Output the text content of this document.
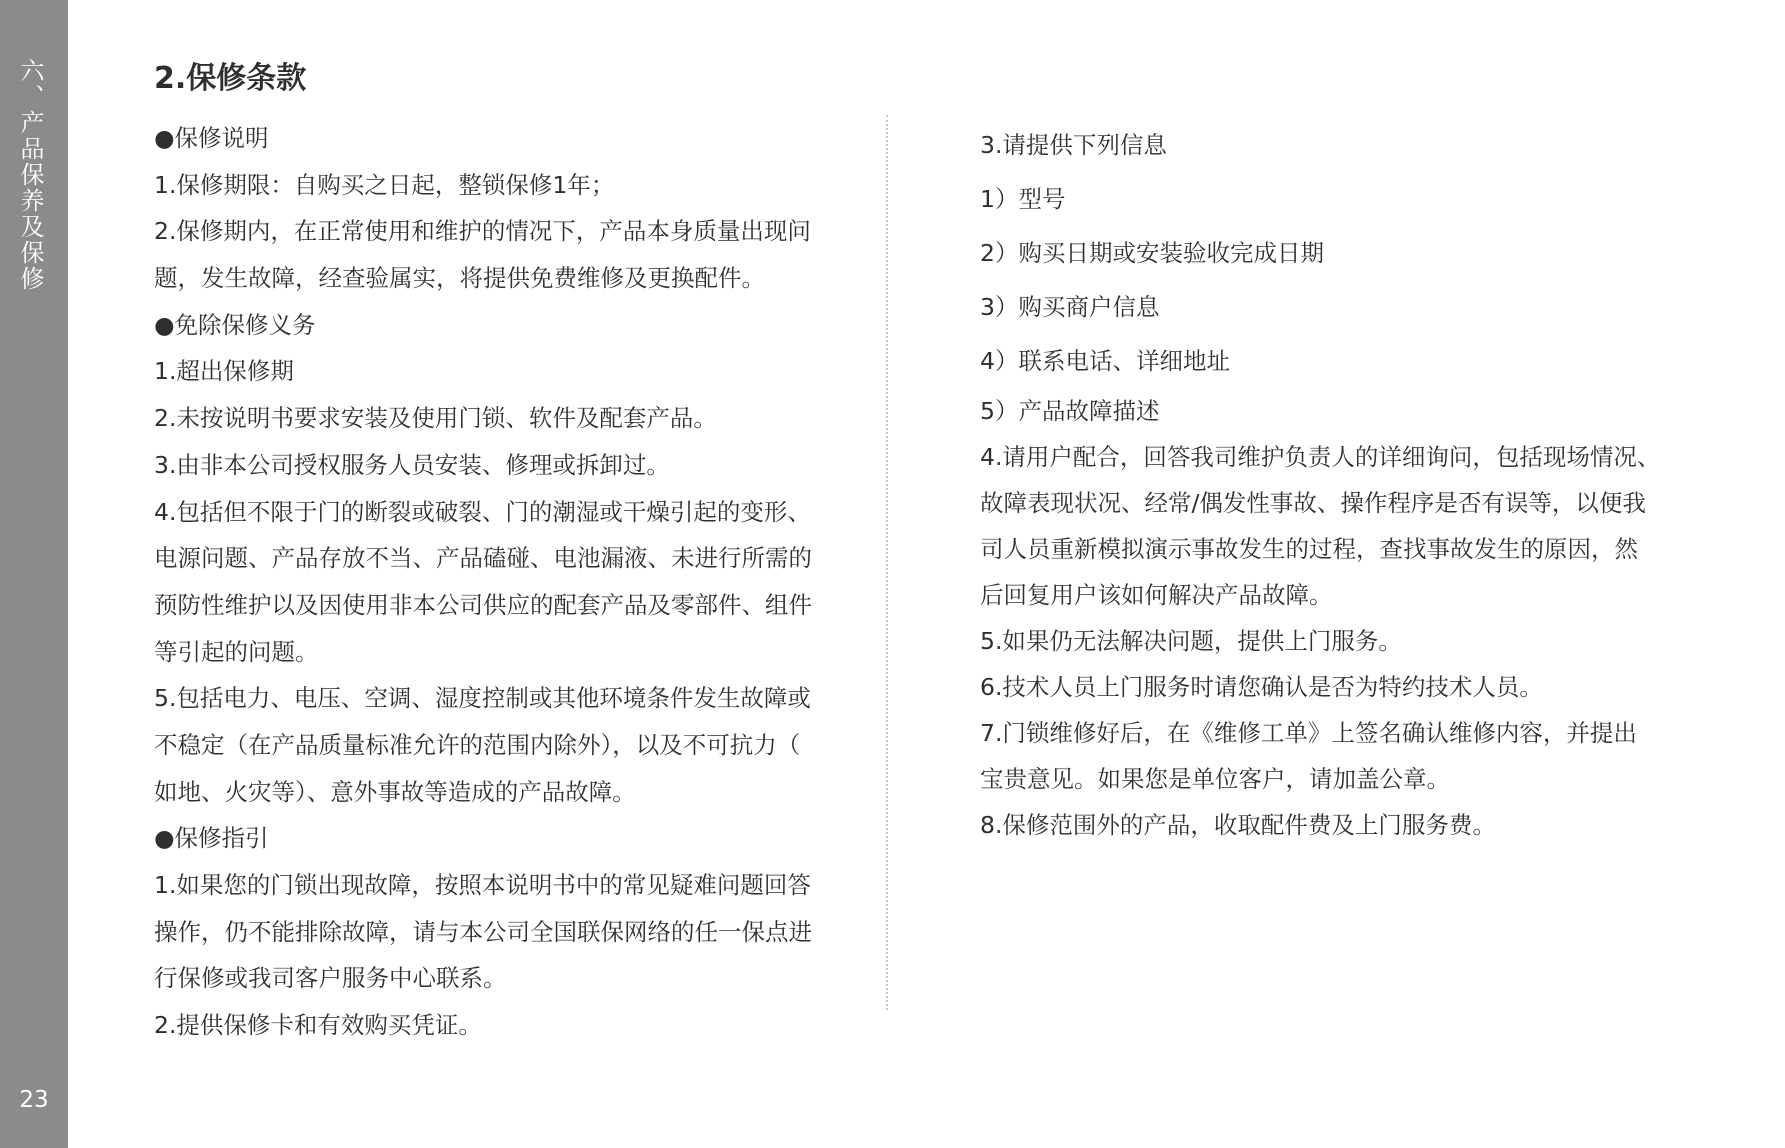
六、产品保养及保修
23
2.保修条款
●保修说明
1.保修期限：自购买之日起，整锁保修1年；
2.保修期内，在正常使用和维护的情况下，产品本身质量出现问
题，发生故障，经查验属实，将提供免费维修及更换配件。
●免除保修义务
1.超出保修期
2.未按说明书要求安装及使用门锁、软件及配套产品。
3.由非本公司授权服务人员安装、修理或拆卸过。
4.包括但不限于门的断裂或破裂、门的潮湿或干燥引起的变形、
电源问题、产品存放不当、产品磕碰、电池漏液、未进行所需的
预防性维护以及因使用非本公司供应的配套产品及零部件、组件
等引起的问题。
5.包括电力、电压、空调、湿度控制或其他环境条件发生故障或
不稳定（在产品质量标准允许的范围内除外），以及不可抗力（
如地、火灾等）、意外事故等造成的产品故障。
●保修指引
1.如果您的门锁出现故障，按照本说明书中的常见疑难问题回答
操作，仍不能排除故障，请与本公司全国联保网络的任一保点进
行保修或我司客户服务中心联系。
2.提供保修卡和有效购买凭证。
3.请提供下列信息
1）型号
2）购买日期或安装验收完成日期
3）购买商户信息
4）联系电话、详细地址
5）产品故障描述
4.请用户配合，回答我司维护负责人的详细询问，包括现场情况、
故障表现状况、经常/偶发性事故、操作程序是否有误等，以便我
司人员重新模拟演示事故发生的过程，查找事故发生的原因，然
后回复用户该如何解决产品故障。
5.如果仍无法解决问题，提供上门服务。
6.技术人员上门服务时请您确认是否为特约技术人员。
7.门锁维修好后，在《维修工单》上签名确认维修内容，并提出
宝贵意见。如果您是单位客户，请加盖公章。
8.保修范围外的产品，收取配件费及上门服务费。
